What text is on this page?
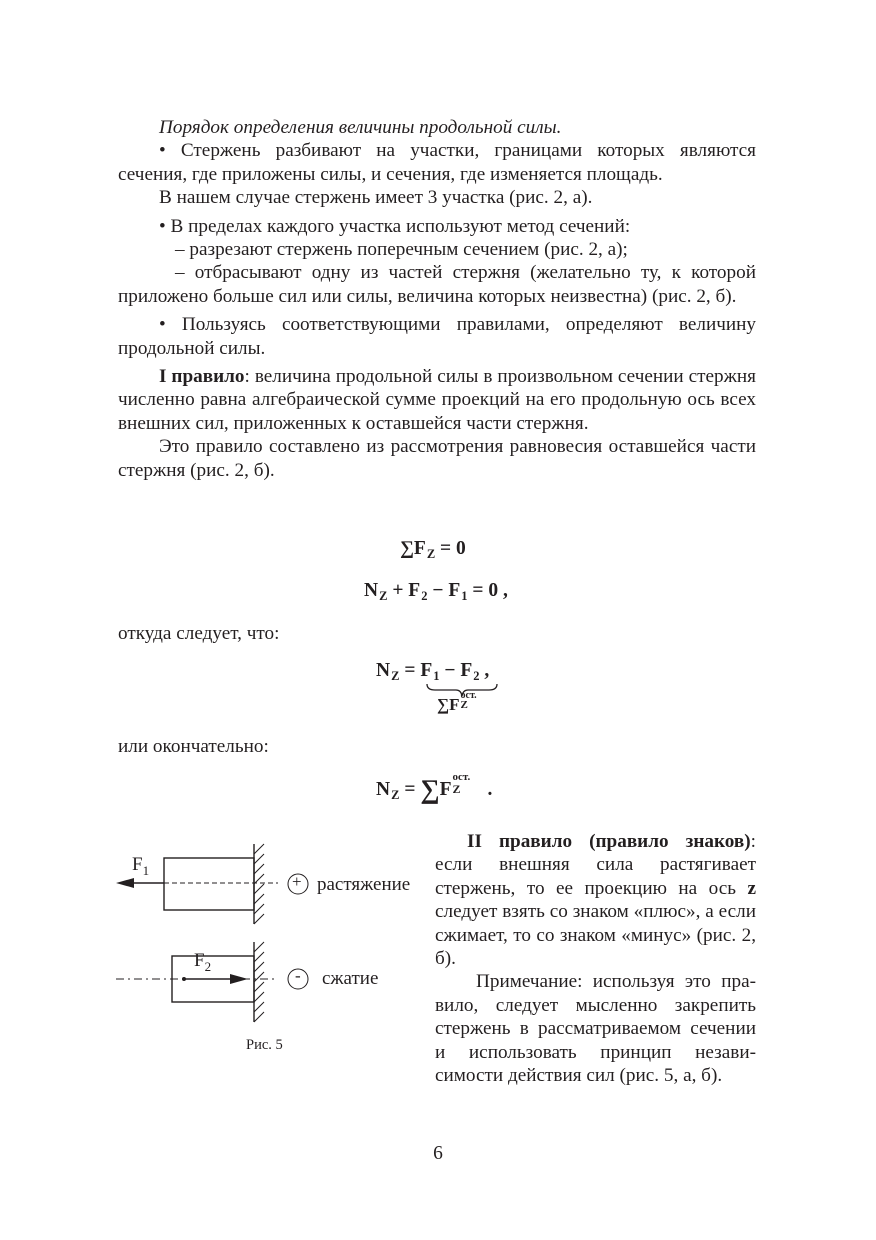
Порядок определения величины продольной силы.

• Стержень разбивают на участки, границами которых являются сечения, где приложены силы, и сечения, где изменяется площадь.

В нашем случае стержень имеет 3 участка (рис. 2, а).

• В пределах каждого участка используют метод сечений:

– разрезают стержень поперечным сечением (рис. 2, а);

– отбрасывают одну из частей стержня (желательно ту, к которой приложено больше сил или силы, величина которых неизвестна) (рис. 2, б).

• Пользуясь соответствующими правилами, определяют величину продольной силы.

I правило: величина продольной силы в произвольном сечении стержня численно равна алгебраической сумме проекций на его продольную ось всех внешних сил, приложенных к оставшейся части стержня.

Это правило составлено из рассмотрения равновесия оставшейся части стержня (рис. 2, б).

$\sum F_Z = 0$
$N_Z + F_2 - F_1 = 0$ ,
откуда следует, что:
$N_Z = F_1 - F_2$ ,
∑F ост.
Z
или окончательно:
$N_Z = \sum F$
ост.
Z .
$F_1$
+ растяжение
$F_2$	- сжатие
Рис. 5

II правило (правило знаков): если внешняя сила растягивает стержень, то ее проекцию на ось z следует взять со знаком «плюс», а если сжимает, то со знаком «минус» (рис. 2, б).

Примечание: используя это правило, следует мысленно закрепить стержень в рассматриваемом сечении и использовать принцип независимости действия сил (рис. 5, а, б).

6
